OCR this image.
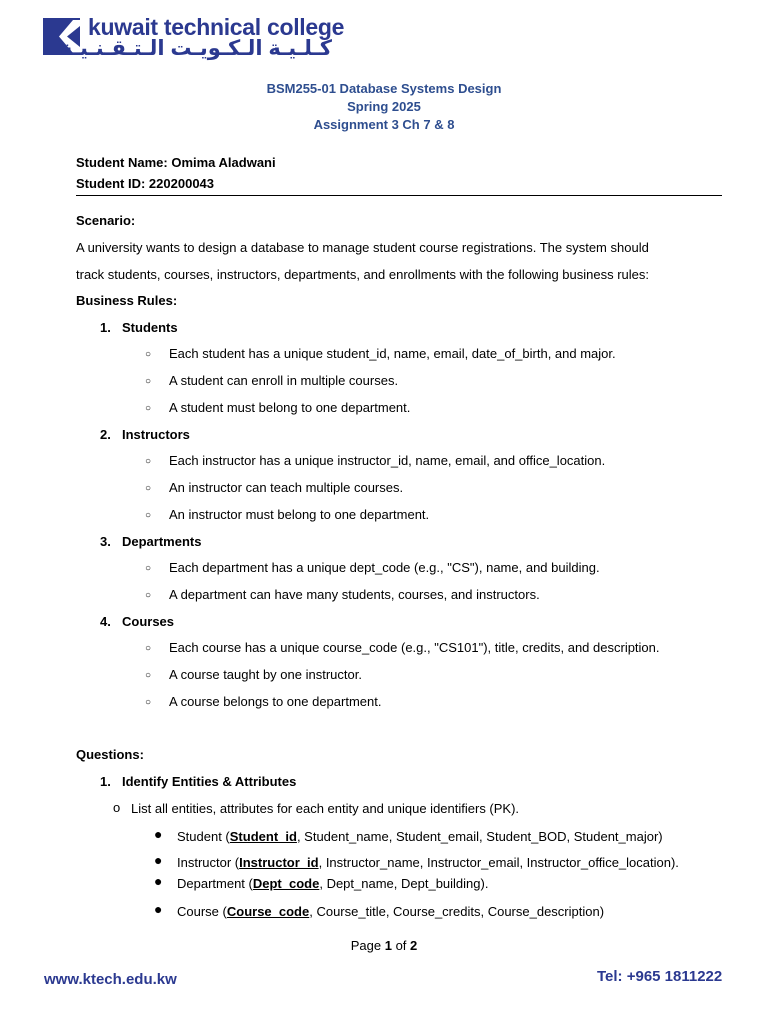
kuwait technical college
كـلـيـة الـكـويـت الـتـقـنـيـة
BSM255-01 Database Systems Design
Spring 2025
Assignment 3 Ch 7 & 8
Student Name: Omima Aladwani
Student ID: 220200043
Scenario:
A university wants to design a database to manage student course registrations. The system should
track students, courses, instructors, departments, and enrollments with the following business rules:
Business Rules:
1. Students
○ Each student has a unique student_id, name, email, date_of_birth, and major.
○ A student can enroll in multiple courses.
○ A student must belong to one department.
2. Instructors
○ Each instructor has a unique instructor_id, name, email, and office_location.
○ An instructor can teach multiple courses.
○ An instructor must belong to one department.
3. Departments
○ Each department has a unique dept_code (e.g., "CS"), name, and building.
○ A department can have many students, courses, and instructors.
4. Courses
○ Each course has a unique course_code (e.g., "CS101"), title, credits, and description.
○ A course taught by one instructor.
○ A course belongs to one department.
Questions:
1. Identify Entities & Attributes
o List all entities, attributes for each entity and unique identifiers (PK).
● Student (Student_id, Student_name, Student_email, Student_BOD, Student_major)
● Instructor (Instructor_id, Instructor_name, Instructor_email, Instructor_office_location).
● Department (Dept_code, Dept_name, Dept_building).
● Course (Course_code, Course_title, Course_credits, Course_description)
Page 1 of 2
www.ktech.edu.kw	Tel: +965 1811222
